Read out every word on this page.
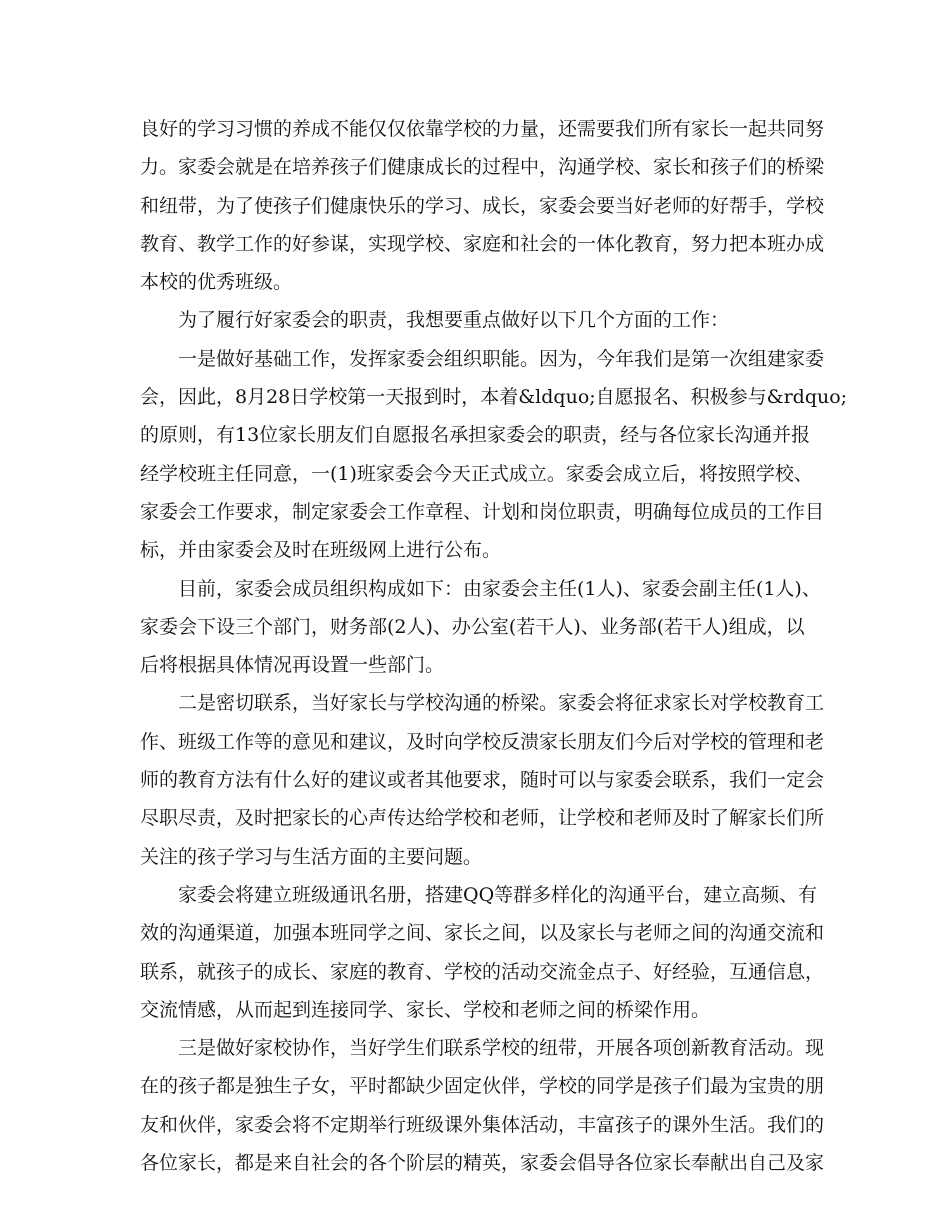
良好的学习习惯的养成不能仅仅依靠学校的力量，还需要我们所有家长一起共同努
力。家委会就是在培养孩子们健康成长的过程中，沟通学校、家长和孩子们的桥梁
和纽带，为了使孩子们健康快乐的学习、成长，家委会要当好老师的好帮手，学校
教育、教学工作的好参谋，实现学校、家庭和社会的一体化教育，努力把本班办成
本校的优秀班级。
为了履行好家委会的职责，我想要重点做好以下几个方面的工作：
一是做好基础工作，发挥家委会组织职能。因为，今年我们是第一次组建家委
会，因此，8月28日学校第一天报到时，本着&ldquo;自愿报名、积极参与&rdquo;
的原则，有13位家长朋友们自愿报名承担家委会的职责，经与各位家长沟通并报
经学校班主任同意，一(1)班家委会今天正式成立。家委会成立后，将按照学校、
家委会工作要求，制定家委会工作章程、计划和岗位职责，明确每位成员的工作目
标，并由家委会及时在班级网上进行公布。
目前，家委会成员组织构成如下：由家委会主任(1人)、家委会副主任(1人)、
家委会下设三个部门，财务部(2人)、办公室(若干人)、业务部(若干人)组成，以
后将根据具体情况再设置一些部门。
二是密切联系，当好家长与学校沟通的桥梁。家委会将征求家长对学校教育工
作、班级工作等的意见和建议，及时向学校反溃家长朋友们今后对学校的管理和老
师的教育方法有什么好的建议或者其他要求，随时可以与家委会联系，我们一定会
尽职尽责，及时把家长的心声传达给学校和老师，让学校和老师及时了解家长们所
关注的孩子学习与生活方面的主要问题。
家委会将建立班级通讯名册，搭建QQ等群多样化的沟通平台，建立高频、有
效的沟通渠道，加强本班同学之间、家长之间，以及家长与老师之间的沟通交流和
联系，就孩子的成长、家庭的教育、学校的活动交流金点子、好经验，互通信息，
交流情感，从而起到连接同学、家长、学校和老师之间的桥梁作用。
三是做好家校协作，当好学生们联系学校的纽带，开展各项创新教育活动。现
在的孩子都是独生子女，平时都缺少固定伙伴，学校的同学是孩子们最为宝贵的朋
友和伙伴，家委会将不定期举行班级课外集体活动，丰富孩子的课外生活。我们的
各位家长，都是来自社会的各个阶层的精英，家委会倡导各位家长奉献出自己及家
